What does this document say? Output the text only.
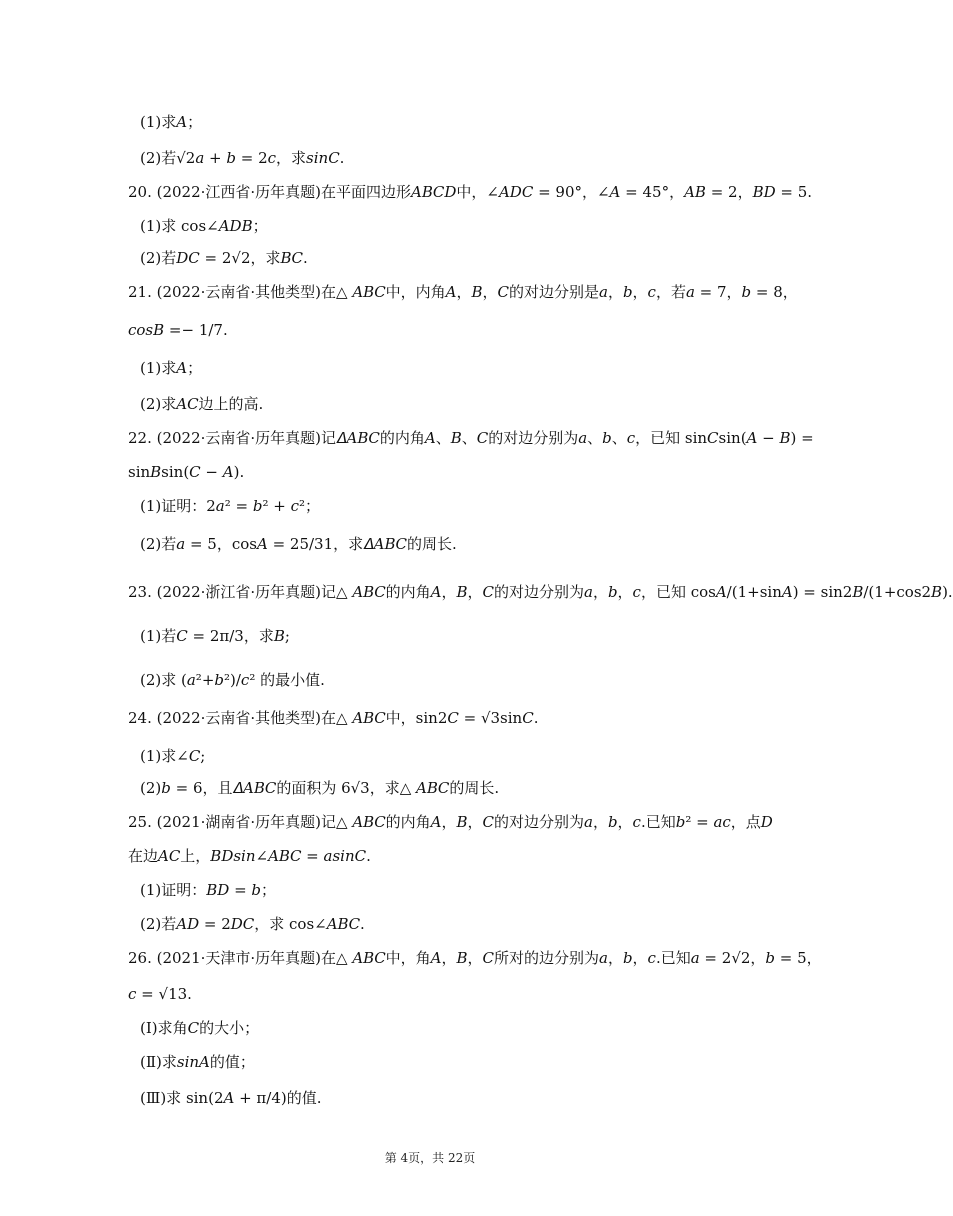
(1)求𝐴；
(2)若√2𝑎 + 𝑏 = 2𝑐，求𝑠𝑖𝑛𝐶.
20. (2022·江西省·历年真题)在平面四边形𝐴𝐵𝐶𝐷中，∠𝐴𝐷𝐶 = 90°，∠𝐴 = 45°，𝐴𝐵 = 2，𝐵𝐷 = 5.
(1)求 cos∠𝐴𝐷𝐵；
(2)若𝐷𝐶 = 2√2，求𝐵𝐶.
21. (2022·云南省·其他类型)在△ 𝐴𝐵𝐶中，内角𝐴，𝐵，𝐶的对边分别是𝑎，𝑏，𝑐，若𝑎 = 7，𝑏 = 8，
𝑐𝑜𝑠𝐵 =− 1/7.
(1)求𝐴；
(2)求𝐴𝐶边上的高.
22. (2022·云南省·历年真题)记𝛥𝐴𝐵𝐶的内角𝐴、𝐵、𝐶的对边分别为𝑎、𝑏、𝑐，已知 sin𝐶sin(𝐴 − 𝐵) =
sin𝐵sin(𝐶 − 𝐴).
(1)证明：2𝑎² = 𝑏² + 𝑐²；
(2)若𝑎 = 5，cos𝐴 = 25/31，求𝛥𝐴𝐵𝐶的周长.
23. (2022·浙江省·历年真题)记△ 𝐴𝐵𝐶的内角𝐴，𝐵，𝐶的对边分别为𝑎，𝑏，𝑐，已知 cos𝐴/(1+sin𝐴) = sin2𝐵/(1+cos2𝐵).
(1)若𝐶 = 2π/3，求𝐵;
(2)求 (𝑎²+𝑏²)/𝑐² 的最小值.
24. (2022·云南省·其他类型)在△ 𝐴𝐵𝐶中，sin2𝐶 = √3sin𝐶.
(1)求∠𝐶;
(2)𝑏 = 6，且𝛥𝐴𝐵𝐶的面积为 6√3，求△ 𝐴𝐵𝐶的周长.
25. (2021·湖南省·历年真题)记△ 𝐴𝐵𝐶的内角𝐴，𝐵，𝐶的对边分别为𝑎，𝑏，𝑐.已知𝑏² = 𝑎𝑐，点𝐷
在边𝐴𝐶上，𝐵𝐷𝑠𝑖𝑛∠𝐴𝐵𝐶 = 𝑎𝑠𝑖𝑛𝐶.
(1)证明：𝐵𝐷 = 𝑏；
(2)若𝐴𝐷 = 2𝐷𝐶，求 cos∠𝐴𝐵𝐶.
26. (2021·天津市·历年真题)在△ 𝐴𝐵𝐶中，角𝐴，𝐵，𝐶所对的边分别为𝑎，𝑏，𝑐.已知𝑎 = 2√2，𝑏 = 5，
𝑐 = √13.
(Ⅰ)求角𝐶的大小；
(Ⅱ)求𝑠𝑖𝑛𝐴的值；
(Ⅲ)求 sin(2𝐴 + π/4)的值.
第 4页，共 22页
